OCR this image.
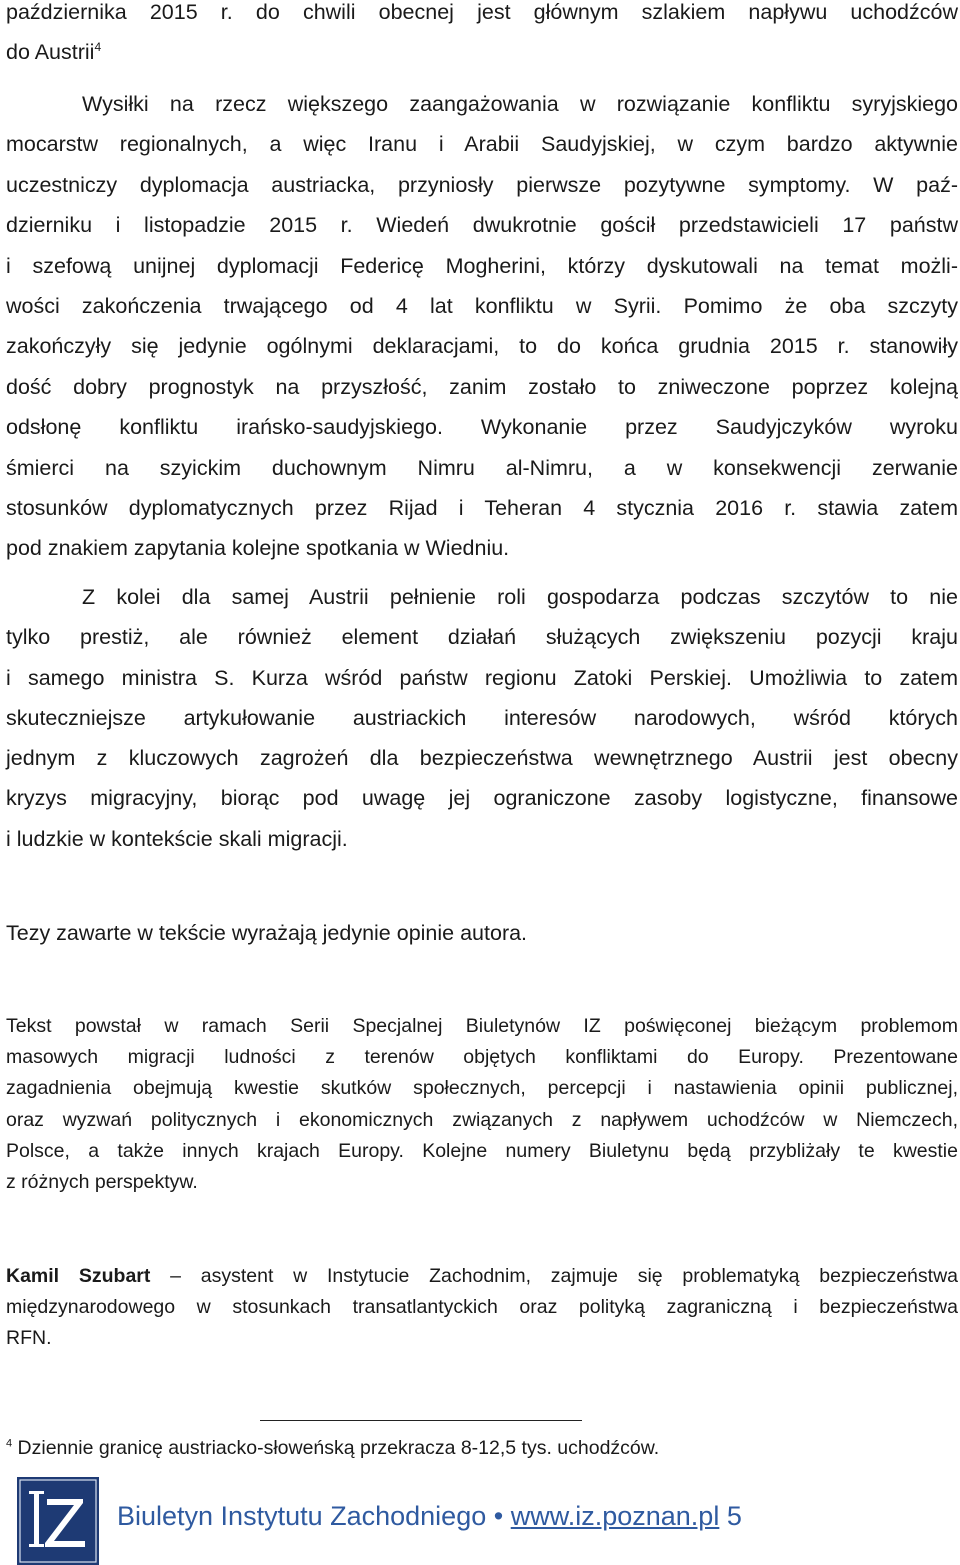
października 2015 r. do chwili obecnej jest głównym szlakiem napływu uchodźców
do Austrii$^4$
Wysiłki na rzecz większego zaangażowania w rozwiązanie konfliktu syryjskiego
mocarstw regionalnych, a więc Iranu i Arabii Saudyjskiej, w czym bardzo aktywnie
uczestniczy dyplomacja austriacka, przyniosły pierwsze pozytywne symptomy. W paź-
dzierniku i listopadzie 2015 r. Wiedeń dwukrotnie gościł przedstawicieli 17 państw
i szefową unijnej dyplomacji Federicę Mogherini, którzy dyskutowali na temat możli-
wości zakończenia trwającego od 4 lat konfliktu w Syrii. Pomimo że oba szczyty
zakończyły się jedynie ogólnymi deklaracjami, to do końca grudnia 2015 r. stanowiły
dość dobry prognostyk na przyszłość, zanim zostało to zniweczone poprzez kolejną
odsłonę konfliktu irańsko-saudyjskiego. Wykonanie przez Saudyjczyków wyroku
śmierci na szyickim duchownym Nimru al-Nimru, a w konsekwencji zerwanie
stosunków dyplomatycznych przez Rijad i Teheran 4 stycznia 2016 r. stawia zatem
pod znakiem zapytania kolejne spotkania w Wiedniu.
Z kolei dla samej Austrii pełnienie roli gospodarza podczas szczytów to nie
tylko prestiż, ale również element działań służących zwiększeniu pozycji kraju
i samego ministra S. Kurza wśród państw regionu Zatoki Perskiej. Umożliwia to zatem
skuteczniejsze artykułowanie austriackich interesów narodowych, wśród których
jednym z kluczowych zagrożeń dla bezpieczeństwa wewnętrznego Austrii jest obecny
kryzys migracyjny, biorąc pod uwagę jej ograniczone zasoby logistyczne, finansowe
i ludzkie w kontekście skali migracji.
Tezy zawarte w tekście wyrażają jedynie opinie autora.
Tekst powstał w ramach Serii Specjalnej Biuletynów IZ poświęconej bieżącym problemom
masowych migracji ludności z terenów objętych konfliktami do Europy. Prezentowane
zagadnienia obejmują kwestie skutków społecznych, percepcji i nastawienia opinii publicznej,
oraz wyzwań politycznych i ekonomicznych związanych z napływem uchodźców w Niemczech,
Polsce, a także innych krajach Europy. Kolejne numery Biuletynu będą przybliżały te kwestie
z różnych perspektyw.
Kamil Szubart – asystent w Instytucie Zachodnim, zajmuje się problematyką bezpieczeństwa
międzynarodowego w stosunkach transatlantyckich oraz polityką zagraniczną i bezpieczeństwa
RFN.
$^4$ Dziennie granicę austriacko-słoweńską przekracza 8-12,5 tys. uchodźców.
Biuletyn Instytutu Zachodniego • www.iz.poznan.pl 5
